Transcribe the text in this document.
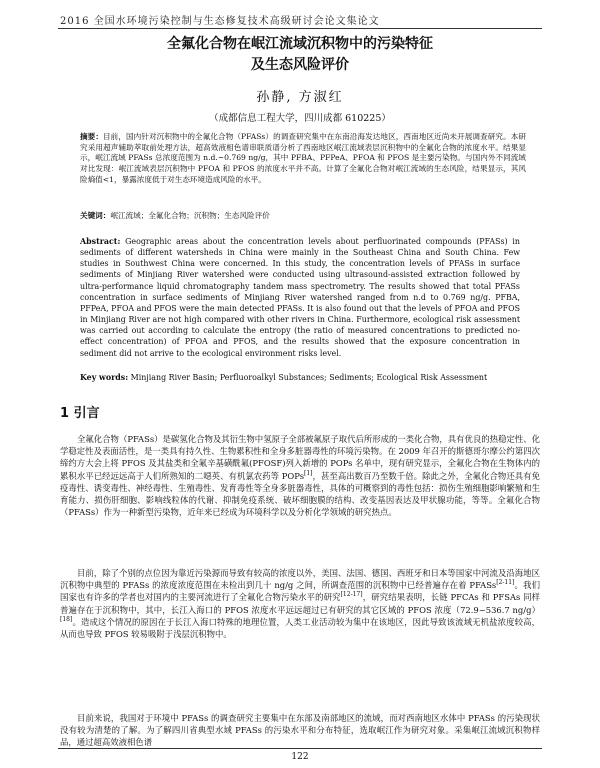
2016 全国水环境污染控制与生态修复技术高级研讨会论文集论文
全氟化合物在岷江流域沉积物中的污染特征
及生态风险评价
孙静, 方淑红
（成都信息工程大学，四川成都 610225）

摘要：目前，国内针对沉积物中的全氟化合物（PFASs）的调查研究集中在东南沿海发达地区，西南地区近尚未开展调查研究。本研究采用超声辅助萃取前处理方法，超高效液相色谱串联质谱分析了西南地区岷江流域表层沉积物中的全氟化合物的浓度水平。结果显示，岷江流域 PFASs 总浓度范围为 n.d.~0.769 ng/g，其中 PFBA、PFPeA、PFOA 和 PFOS 是主要污染物。与国内外不同流域对比发现：岷江流域表层沉积物中 PFOA 和 PFOS 的浓度水平并不高。计算了全氟化合物对岷江流域的生态风险，结果显示，其风险熵值<1，暴露浓度低于对生态环境造成风险的水平。

关键词：岷江流域；全氟化合物；沉积物；生态风险评价

Abstract: Geographic areas about the concentration levels about perfluorinated compounds (PFASs) in sediments of different watersheds in China were mainly in the Southeast China and South China. Few studies in Southwest China were concerned. In this study, the concentration levels of PFASs in surface sediments of Minjiang River watershed were conducted using ultrasound-assisted extraction followed by ultra-performance liquid chromatography tandem mass spectrometry. The results showed that total PFASs concentration in surface sediments of Minjiang River watershed ranged from n.d to 0.769 ng/g. PFBA, PFPeA, PFOA and PFOS were the main detected PFASs. It is also found out that the levels of PFOA and PFOS in Minjiang River are not high compared with other rivers in China. Furthermore, ecological risk assessment was carried out according to calculate the entropy (the ratio of measured concentrations to predicted no-effect concentration) of PFOA and PFOS, and the results showed that the exposure concentration in sediment did not arrive to the ecological environment risks level.

Key words: Minjiang River Basin; Perfluoroalkyl Substances; Sediments; Ecological Risk Assessment
1 引言

全氟化合物（PFASs）是碳氢化合物及其衍生物中氢原子全部被氟原子取代后所形成的一类化合物，具有优良的热稳定性、化学稳定性及表面活性，是一类具有持久性、生物累积性和全身多脏器毒性的环境污染物。在 2009 年召开的斯德哥尔摩公约第四次缔约方大会上将 PFOS 及其盐类和全氟辛基磺酰氟(PFOSF)列入新增的 POPs 名单中，现有研究显示，全氟化合物在生物体内的累积水平已经远远高于人们所熟知的二噁英、有机氯农药等 POPs[1]，甚至高出数百乃至数千倍。除此之外，全氟化合物还具有免疫毒性、诱变毒性、神经毒性、生殖毒性、发育毒性等全身多脏器毒性，具体的可概察到的毒性包括：损伤生殖细胞影响繁殖和生育能力、损伤肝细胞、影响线粒体的代谢、抑制免疫系统、破坏细胞膜的结构、改变基因表达及甲状腺功能，等等。全氟化合物（PFASs）作为一种新型污染物，近年来已经成为环境科学以及分析化学领域的研究热点。

目前，除了个别的点位因为靠近污染源而导致有较高的浓度以外，美国、法国、德国、西班牙和日本等国家中河流及沿海地区沉积物中典型的 PFASs 的浓度浓度范围在未检出到几十 ng/g 之间，所调查范围的沉积物中已经普遍存在着 PFASs[2-11]。我们国家也有许多的学者也对国内的主要河流进行了全氟化合物污染水平的研究[12-17]，研究结果表明，长链 PFCAs 和 PFSAs 同样普遍存在于沉积物中，其中，长江入海口的 PFOS 浓度水平远远超过已有研究的其它区域的 PFOS 浓度（72.9~536.7 ng/g）[18]。造成这个情况的原因在于长江入海口特殊的地理位置，人类工业活动较为集中在该地区，因此导致该流域无机盐浓度较高，从而也导致 PFOS 较易吸附于浅层沉积物中。

目前来说，我国对于环境中 PFASs 的调查研究主要集中在东部及南部地区的流域，而对西南地区水体中 PFASs 的污染现状没有较为清楚的了解。为了解四川省典型水域 PFASs 的污染水平和分布特征，选取岷江作为研究对象。采集岷江流域沉积物样品，通过超高效液相色谱

122
